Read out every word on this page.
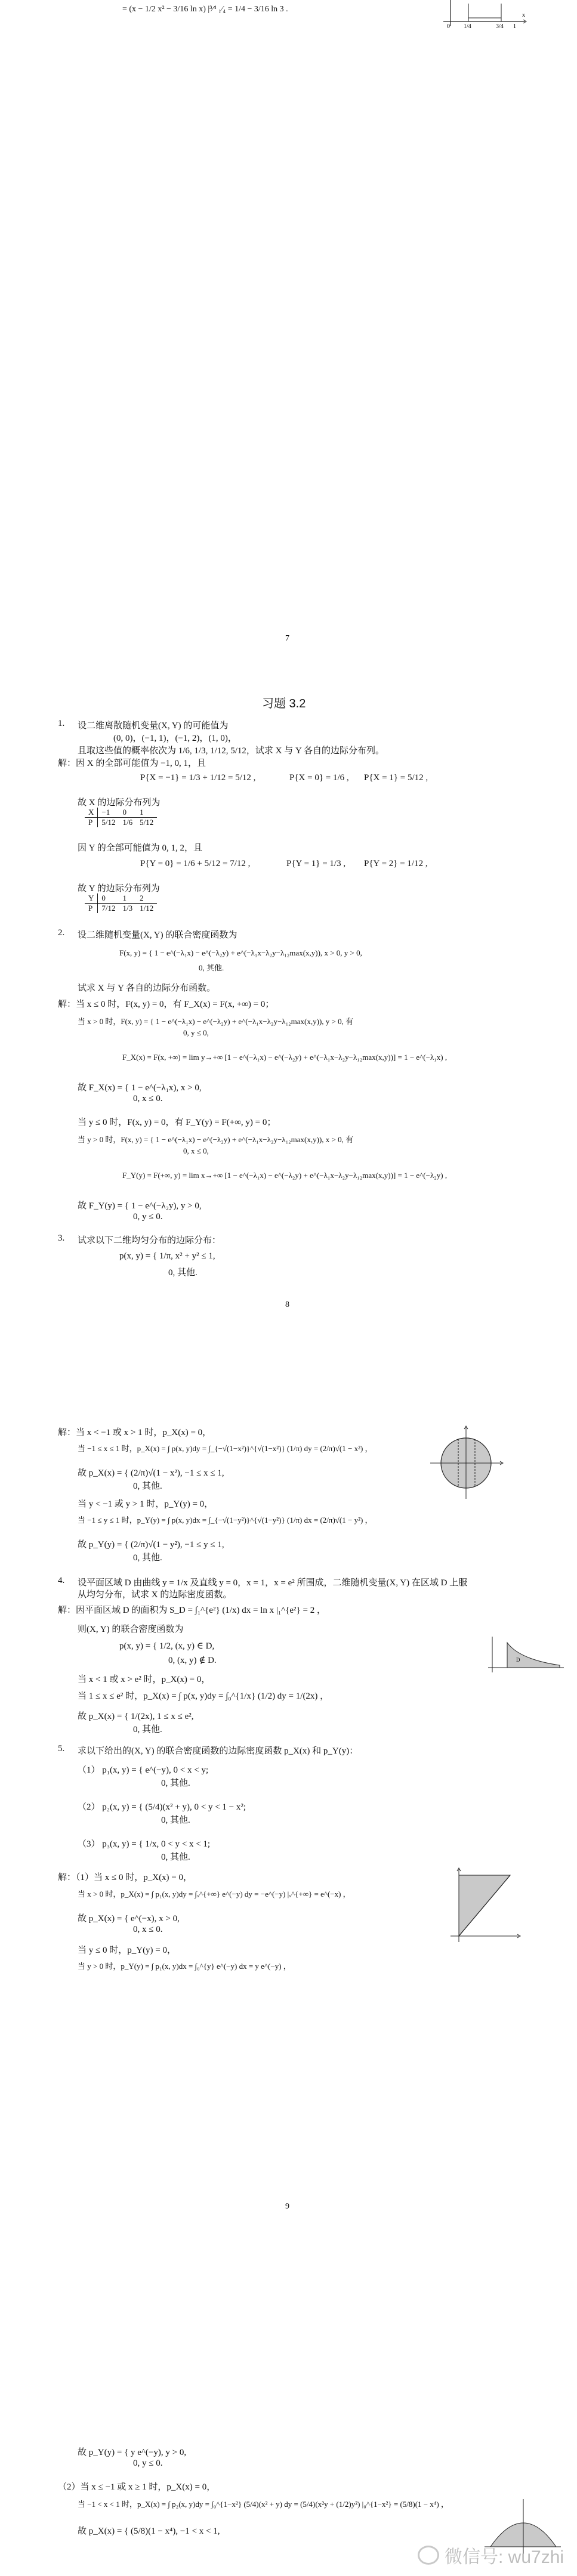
= (x − 1/2 x² − 3/16 ln x) |³⁄⁴ ₁⁄₄ = 1/4 − 3/16 ln 3 .
0 1/4	3/4 1
x
7
习题 3.2
1. 设二维离散随机变量(X, Y) 的可能值为
(0, 0)，(−1, 1)，(−1, 2)，(1, 0)，
且取这些值的概率依次为 1/6, 1/3, 1/12, 5/12，试求 X 与 Y 各自的边际分布列。
解：因 X 的全部可能值为 −1, 0, 1，且
P{X = −1} = 1/3 + 1/12 = 5/12 ,	P{X = 0} = 1/6 , P{X = 1} = 5/12 ,
故 X 的边际分布列为
X	−1	0	1
P	5/12	1/6	5/12
因 Y 的全部可能值为 0, 1, 2，且
P{Y = 0} = 1/6 + 5/12 = 7/12 ,	P{Y = 1} = 1/3 , P{Y = 2} = 1/12 ,
故 Y 的边际分布列为
Y	0	1	2
P	7/12	1/3	1/12
2. 设二维随机变量(X, Y) 的联合密度函数为
F(x, y) = { 1 − e^(−λ₁x) − e^(−λ₂y) + e^(−λ₁x−λ₂y−λ₁₂max(x,y)), x > 0, y > 0,
0, 其他.
试求 X 与 Y 各自的边际分布函数。
解：当 x ≤ 0 时，F(x, y) = 0，有 F_X(x) = F(x, +∞) = 0；
当 x > 0 时，F(x, y) = { 1 − e^(−λ₁x) − e^(−λ₂y) + e^(−λ₁x−λ₂y−λ₁₂max(x,y)), y > 0, 有
0, y ≤ 0,
F_X(x) = F(x, +∞) = lim y→+∞ [1 − e^(−λ₁x) − e^(−λ₂y) + e^(−λ₁x−λ₂y−λ₁₂max(x,y))] = 1 − e^(−λ₁x) ,
故 F_X(x) = { 1 − e^(−λ₁x), x > 0,
0, x ≤ 0.
当 y ≤ 0 时，F(x, y) = 0，有 F_Y(y) = F(+∞, y) = 0；
当 y > 0 时，F(x, y) = { 1 − e^(−λ₁x) − e^(−λ₂y) + e^(−λ₁x−λ₂y−λ₁₂max(x,y)), x > 0, 有
0, x ≤ 0,
F_Y(y) = F(+∞, y) = lim x→+∞ [1 − e^(−λ₁x) − e^(−λ₂y) + e^(−λ₁x−λ₂y−λ₁₂max(x,y))] = 1 − e^(−λ₂y) ,
故 F_Y(y) = { 1 − e^(−λ₂y), y > 0,
0, y ≤ 0.
3. 试求以下二维均匀分布的边际分布：
p(x, y) = { 1/π, x² + y² ≤ 1,
0, 其他.
8
解：当 x < −1 或 x > 1 时，p_X(x) = 0，
当 −1 ≤ x ≤ 1 时，p_X(x) = ∫ p(x, y)dy = ∫_{−√(1−x²)}^{√(1−x²)} (1/π) dy = (2/π)√(1 − x²) ，
故 p_X(x) = { (2/π)√(1 − x²), −1 ≤ x ≤ 1,
0, 其他.
当 y < −1 或 y > 1 时，p_Y(y) = 0，
当 −1 ≤ y ≤ 1 时，p_Y(y) = ∫ p(x, y)dx = ∫_{−√(1−y²)}^{√(1−y²)} (1/π) dx = (2/π)√(1 − y²) ，
故 p_Y(y) = { (2/π)√(1 − y²), −1 ≤ y ≤ 1,
0, 其他.
4. 设平面区域 D 由曲线 y = 1/x 及直线 y = 0，x = 1，x = e² 所围成，二维随机变量(X, Y) 在区域 D 上服
从均匀分布，试求 X 的边际密度函数。
解：因平面区域 D 的面积为 S_D = ∫₁^{e²} (1/x) dx = ln x |₁^{e²} = 2 ，
则(X, Y) 的联合密度函数为
p(x, y) = { 1/2, (x, y) ∈ D,
0, (x, y) ∉ D.
当 x < 1 或 x > e² 时，p_X(x) = 0，
当 1 ≤ x ≤ e² 时，p_X(x) = ∫ p(x, y)dy = ∫₀^{1/x} (1/2) dy = 1/(2x) ，
故 p_X(x) = { 1/(2x), 1 ≤ x ≤ e²,
0, 其他.
D
5. 求以下给出的(X, Y) 的联合密度函数的边际密度函数 p_X(x) 和 p_Y(y)：
（1） p₁(x, y) = { e^(−y), 0 < x < y;
0, 其他.
（2） p₂(x, y) = { (5/4)(x² + y), 0 < y < 1 − x²;
0, 其他.
（3） p₃(x, y) = { 1/x, 0 < y < x < 1;
0, 其他.
解：（1）当 x ≤ 0 时，p_X(x) = 0，
当 x > 0 时，p_X(x) = ∫ p₁(x, y)dy = ∫ₓ^{+∞} e^(−y) dy = −e^(−y) |ₓ^{+∞} = e^(−x) ，
故 p_X(x) = { e^(−x), x > 0,
0, x ≤ 0.
当 y ≤ 0 时，p_Y(y) = 0，
当 y > 0 时，p_Y(y) = ∫ p₁(x, y)dx = ∫₀^{y} e^(−y) dx = y e^(−y) ，
9
故 p_Y(y) = { y e^(−y), y > 0,
0, y ≤ 0.
（2）当 x ≤ −1 或 x ≥ 1 时，p_X(x) = 0，
当 −1 < x < 1 时，p_X(x) = ∫ p₂(x, y)dy = ∫₀^{1−x²} (5/4)(x² + y) dy = (5/4)(x²y + (1/2)y²) |₀^{1−x²} = (5/8)(1 − x⁴) ，
故 p_X(x) = { (5/8)(1 − x⁴), −1 < x < 1,
微信号: wu7zhi
